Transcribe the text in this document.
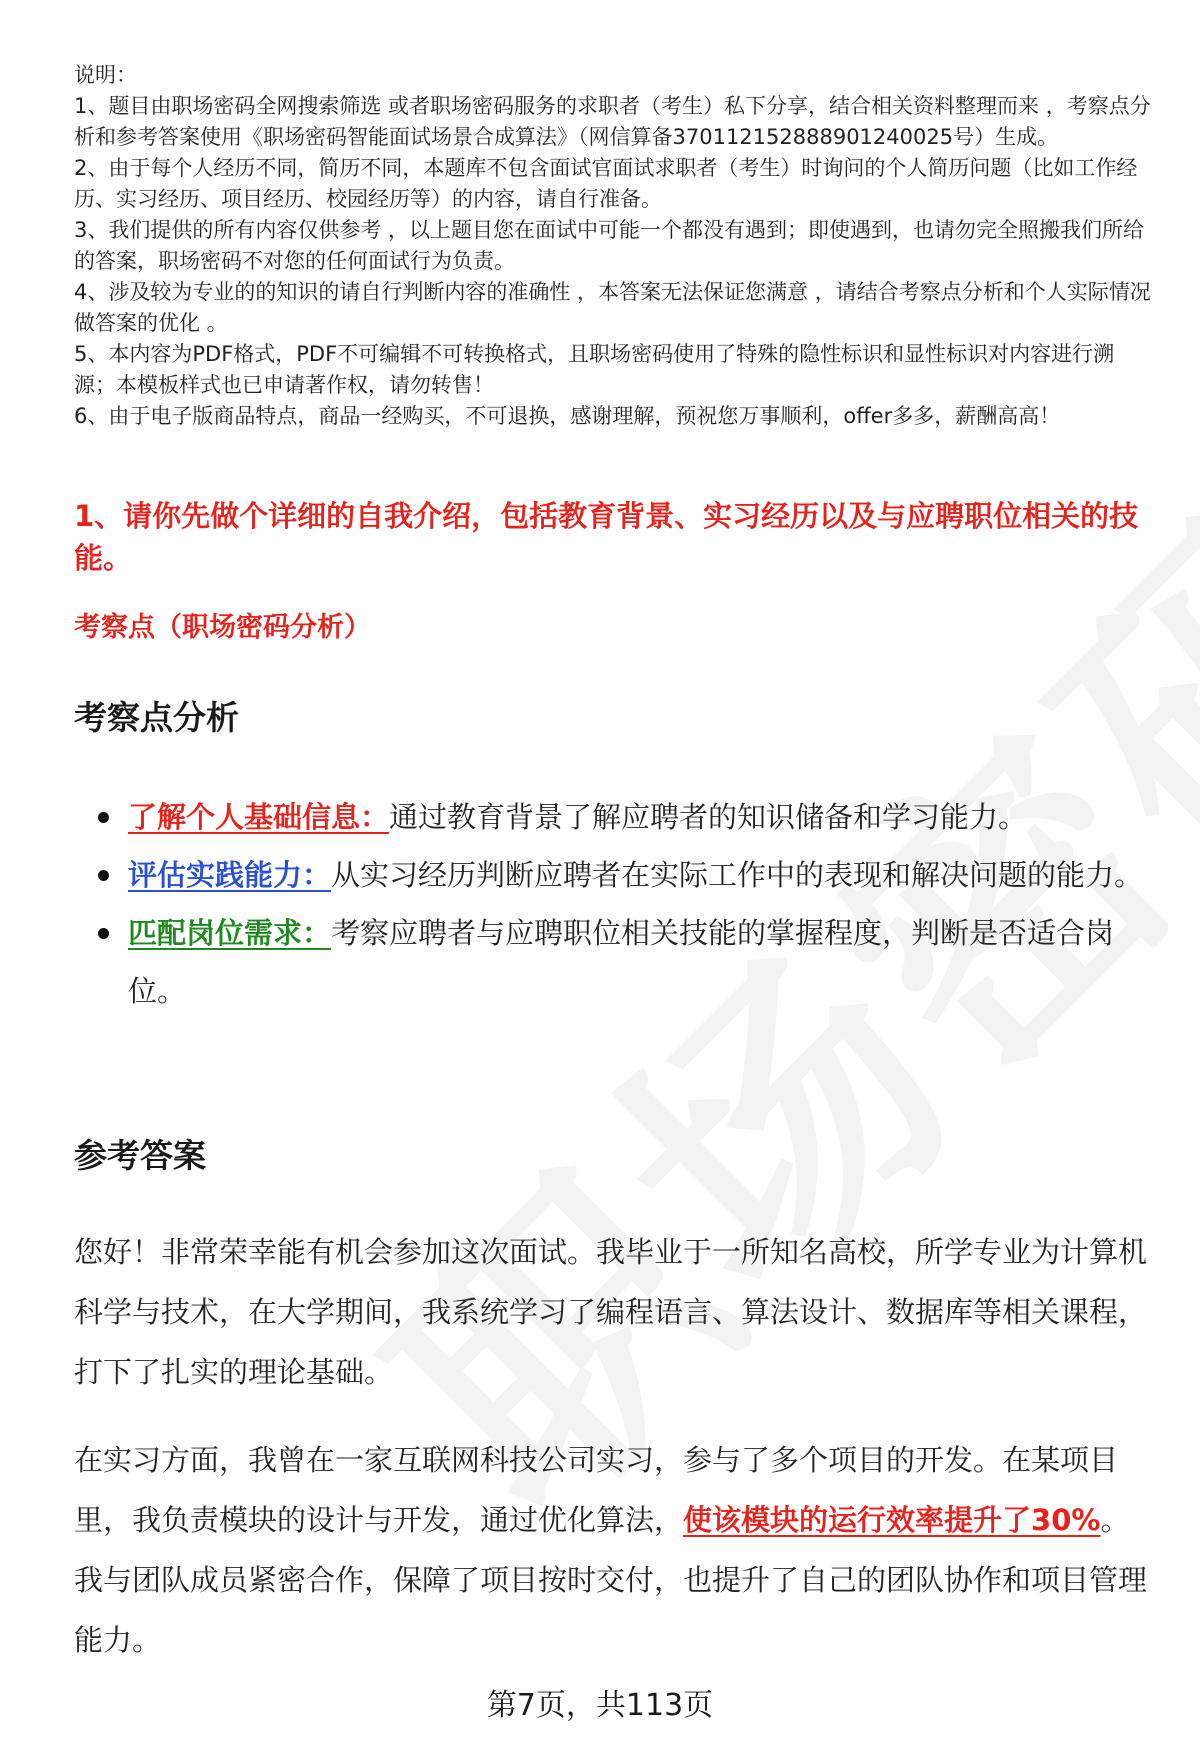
说明：

1、题目由职场密码全网搜索筛选 或者职场密码服务的求职者（考生）私下分享，结合相关资料整理而来 ，考察点分析和参考答案使用《职场密码智能面试场景合成算法》（网信算备370112152888901240025号）生成。

2、由于每个人经历不同，简历不同，本题库不包含面试官面试求职者（考生）时询问的个人简历问题（比如工作经历、实习经历、项目经历、校园经历等）的内容，请自行准备。

3、我们提供的所有内容仅供参考 ，以上题目您在面试中可能一个都没有遇到；即使遇到，也请勿完全照搬我们所给的答案，职场密码不对您的任何面试行为负责。

4、涉及较为专业的的知识的请自行判断内容的准确性 ，本答案无法保证您满意 ，请结合考察点分析和个人实际情况做答案的优化 。

5、本内容为PDF格式，PDF不可编辑不可转换格式，且职场密码使用了特殊的隐性标识和显性标识对内容进行溯源；本模板样式也已申请著作权，请勿转售！

6、由于电子版商品特点，商品一经购买，不可退换，感谢理解，预祝您万事顺利，offer多多，薪酬高高！

1、请你先做个详细的自我介绍，包括教育背景、实习经历以及与应聘职位相关的技能。

考察点（职场密码分析）

考察点分析
了解个人基础信息：通过教育背景了解应聘者的知识储备和学习能力。
评估实践能力：从实习经历判断应聘者在实际工作中的表现和解决问题的能力。
匹配岗位需求：考察应聘者与应聘职位相关技能的掌握程度，判断是否适合岗位。
参考答案

您好！非常荣幸能有机会参加这次面试。我毕业于一所知名高校，所学专业为计算机科学与技术，在大学期间，我系统学习了编程语言、算法设计、数据库等相关课程，打下了扎实的理论基础。

在实习方面，我曾在一家互联网科技公司实习，参与了多个项目的开发。在某项目里，我负责模块的设计与开发，通过优化算法，使该模块的运行效率提升了30%。我与团队成员紧密合作，保障了项目按时交付，也提升了自己的团队协作和项目管理能力。

第7页，共113页
